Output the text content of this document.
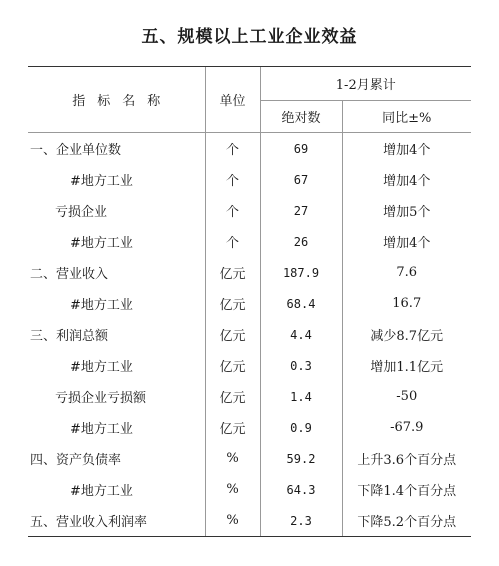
五、规模以上工业企业效益
指标名称	单位	1-2月累计	
		绝对数	同比±%
一、企业单位数	个	69	增加4个
#地方工业	个	67	增加4个
亏损企业	个	27	增加5个
#地方工业	个	26	增加4个
二、营业收入	亿元	187.9	7.6
#地方工业	亿元	68.4	16.7
三、利润总额	亿元	4.4	减少8.7亿元
#地方工业	亿元	0.3	增加1.1亿元
亏损企业亏损额	亿元	1.4	-50
#地方工业	亿元	0.9	-67.9
四、资产负债率	%	59.2	上升3.6个百分点
#地方工业	%	64.3	下降1.4个百分点
五、营业收入利润率	%	2.3	下降5.2个百分点
